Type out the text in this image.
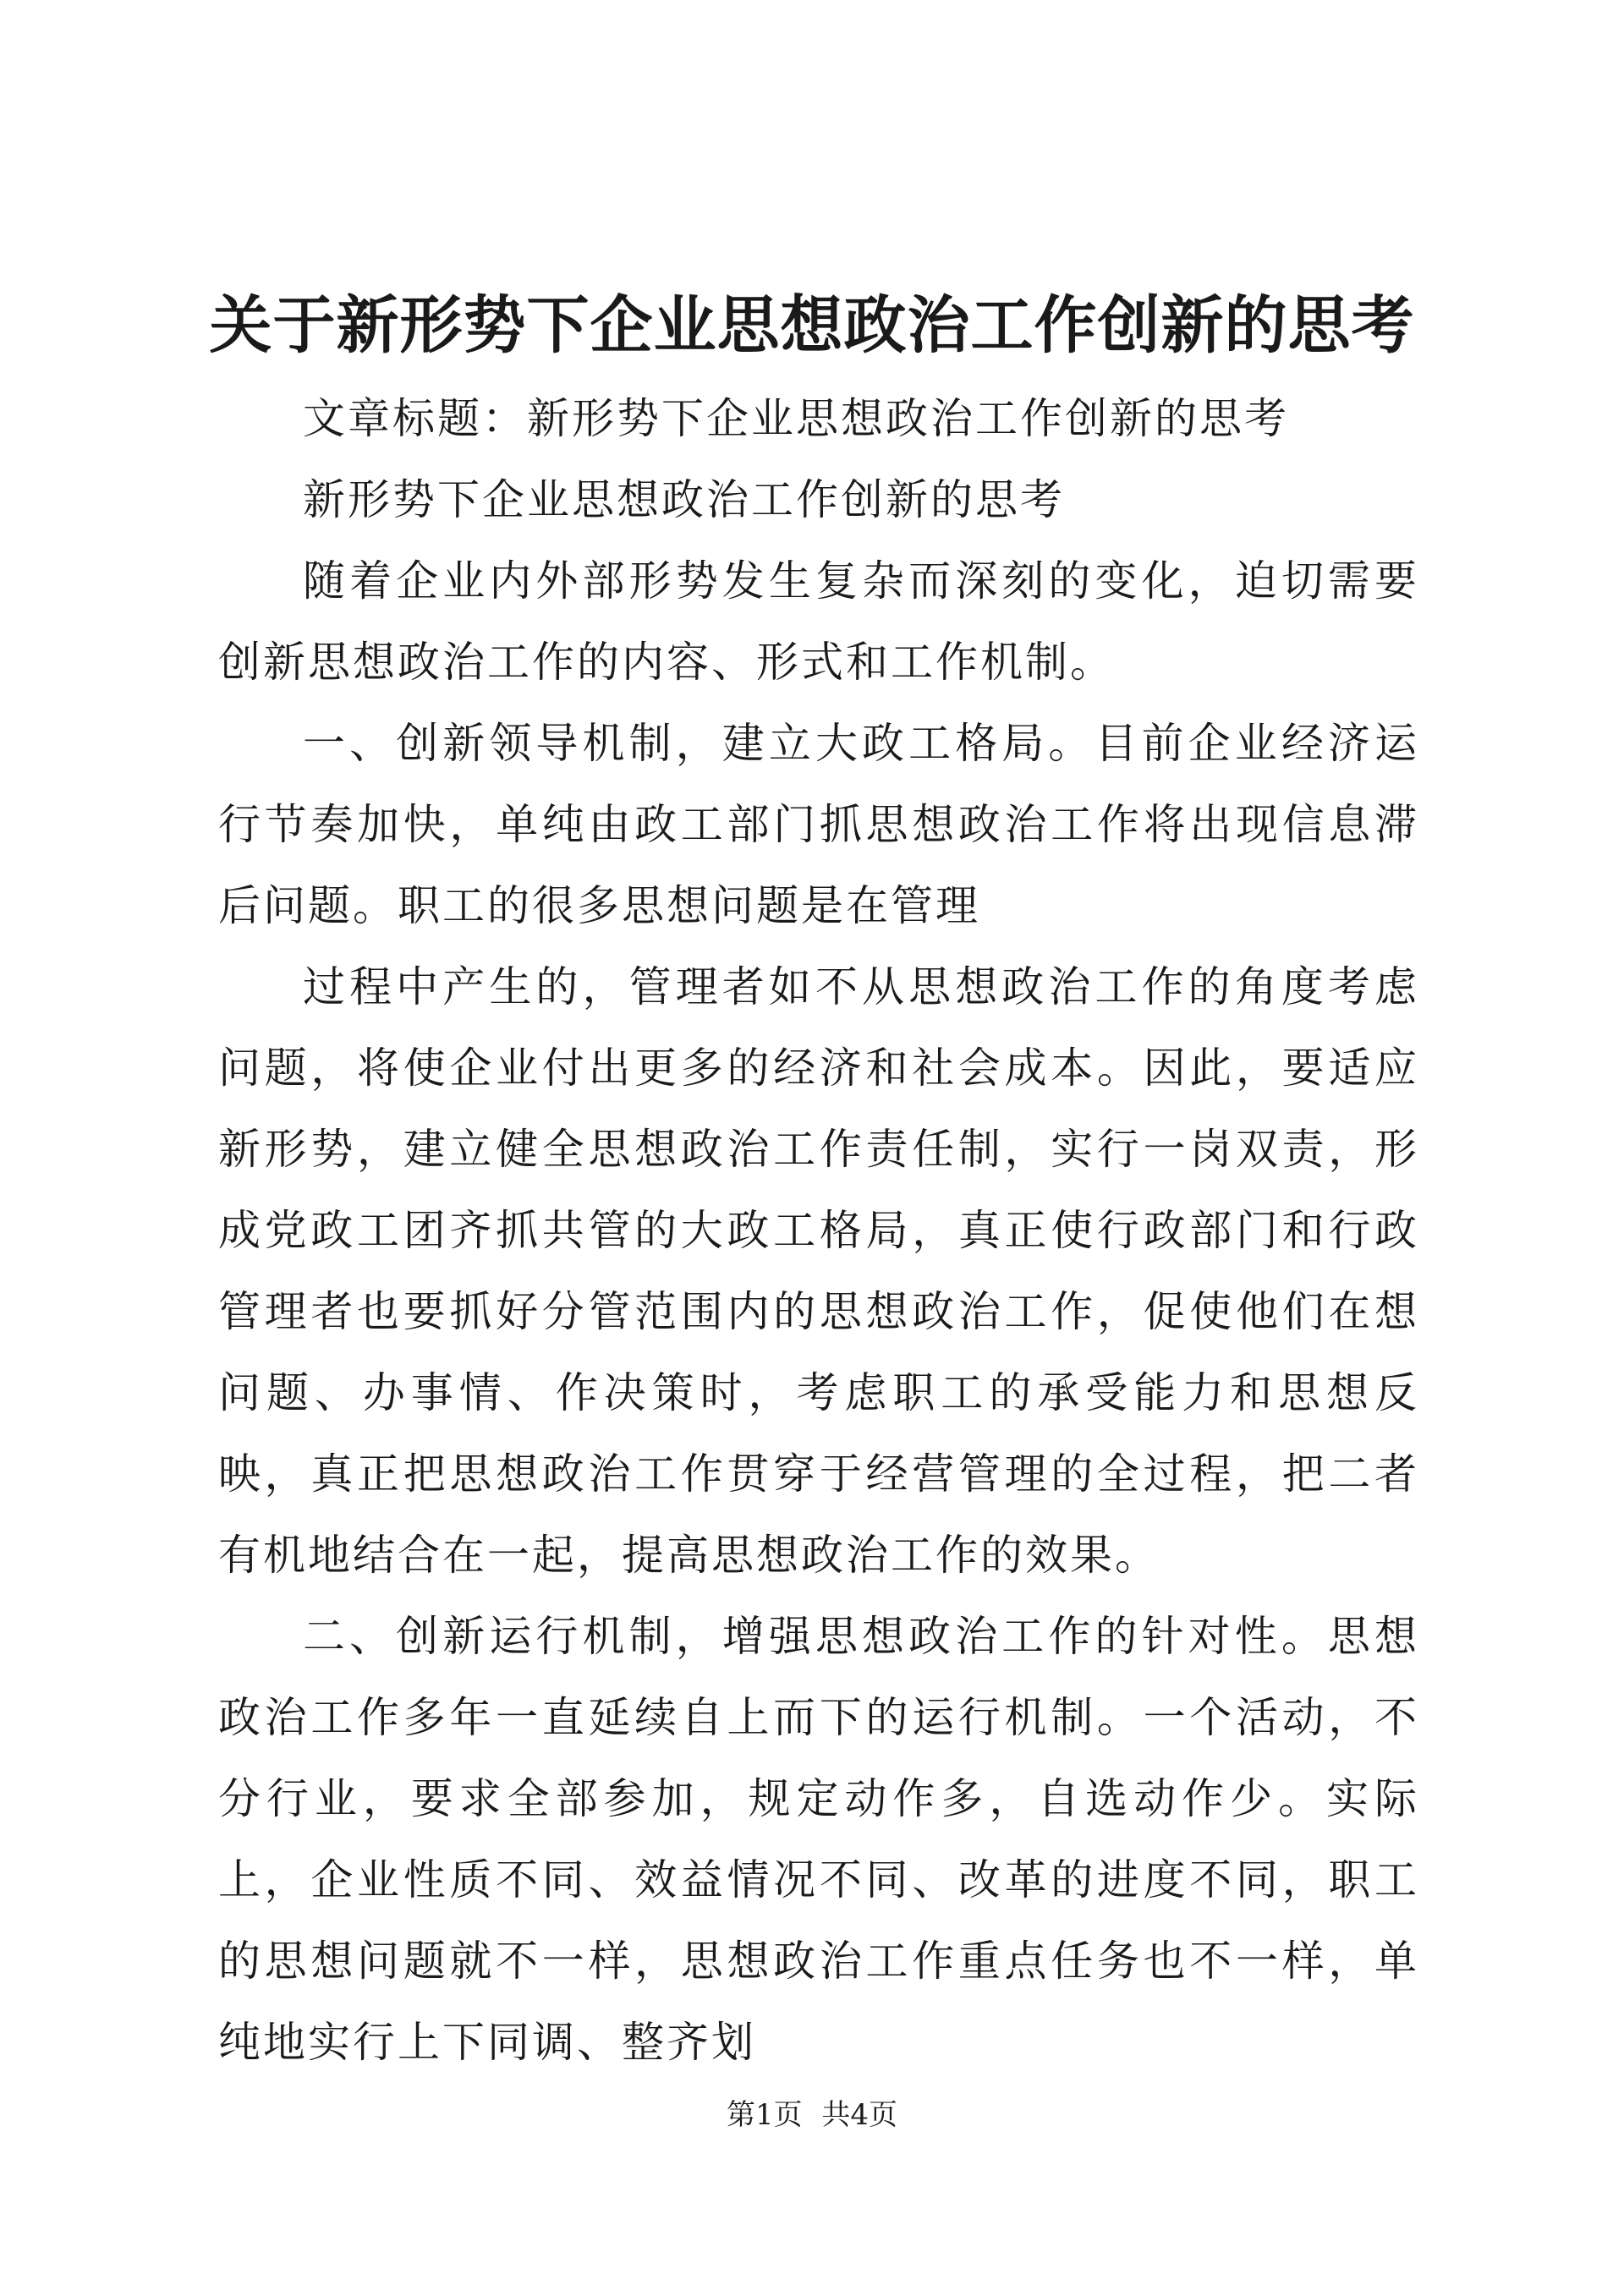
关于新形势下企业思想政治工作创新的思考

文章标题：新形势下企业思想政治工作创新的思考

新形势下企业思想政治工作创新的思考

随着企业内外部形势发生复杂而深刻的变化，迫切需要创新思想政治工作的内容、形式和工作机制。

一、创新领导机制，建立大政工格局。目前企业经济运行节奏加快，单纯由政工部门抓思想政治工作将出现信息滞后问题。职工的很多思想问题是在管理

过程中产生的，管理者如不从思想政治工作的角度考虑问题，将使企业付出更多的经济和社会成本。因此，要适应新形势，建立健全思想政治工作责任制，实行一岗双责，形成党政工团齐抓共管的大政工格局，真正使行政部门和行政管理者也要抓好分管范围内的思想政治工作，促使他们在想问题、办事情、作决策时，考虑职工的承受能力和思想反映，真正把思想政治工作贯穿于经营管理的全过程，把二者有机地结合在一起，提高思想政治工作的效果。

二、创新运行机制，增强思想政治工作的针对性。思想政治工作多年一直延续自上而下的运行机制。一个活动，不分行业，要求全部参加，规定动作多，自选动作少。实际上，企业性质不同、效益情况不同、改革的进度不同，职工的思想问题就不一样，思想政治工作重点任务也不一样，单纯地实行上下同调、整齐划

第1页 共4页
